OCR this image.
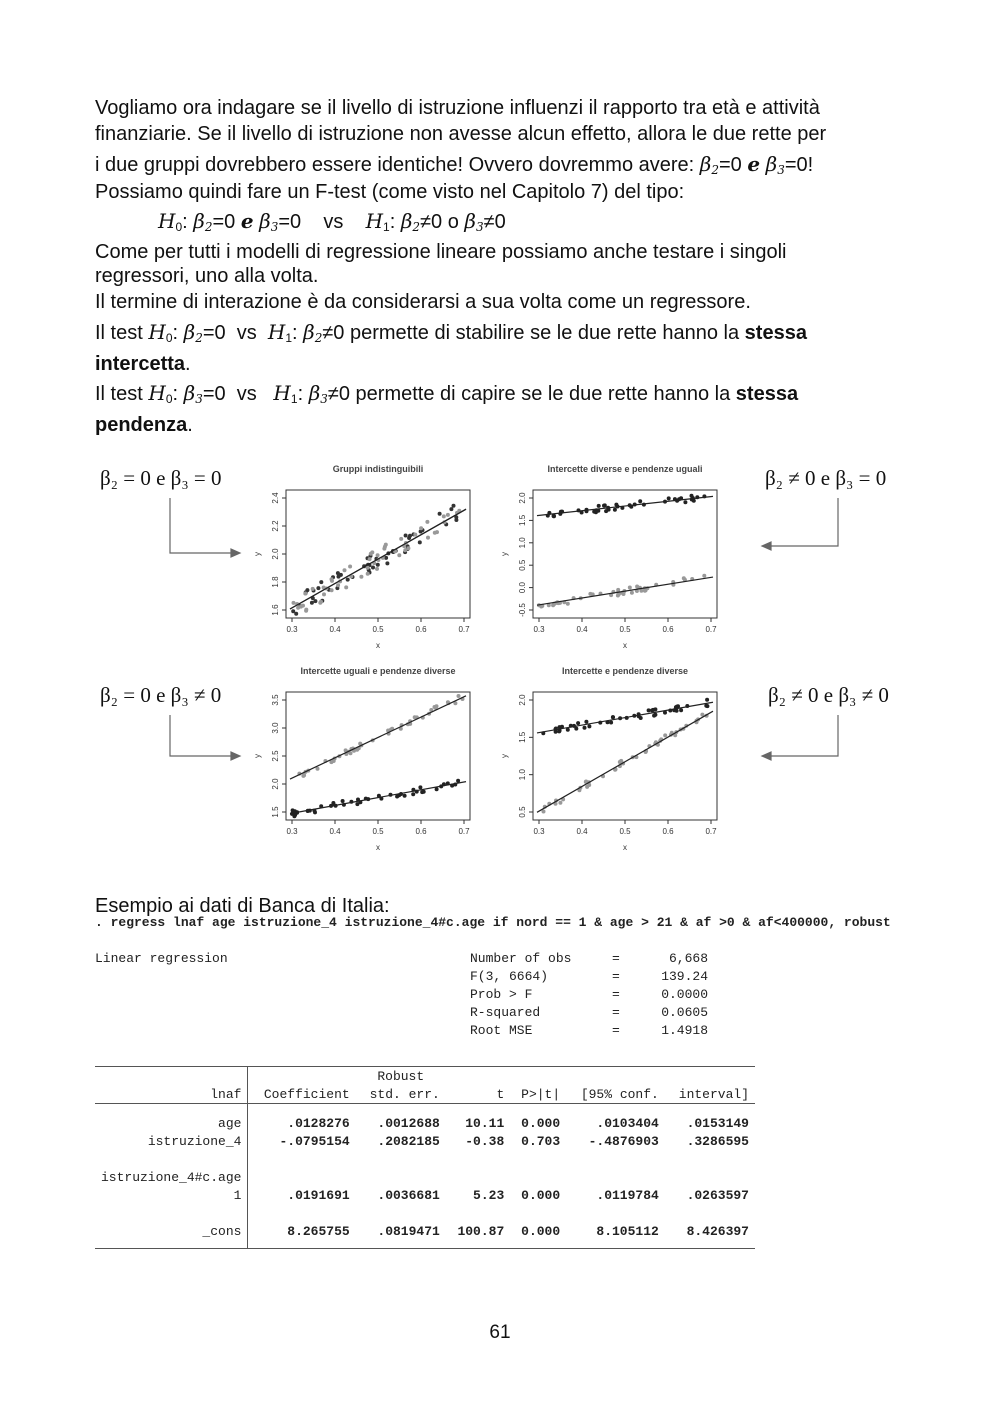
Vogliamo ora indagare se il livello di istruzione influenzi il rapporto tra età e attività
finanziarie. Se il livello di istruzione non avesse alcun effetto, allora le due rette per
i due gruppi dovrebbero essere identiche! Ovvero dovremmo avere: $\beta_2=0$ e $\beta_3=0$!
Possiamo quindi fare un F-test (come visto nel Capitolo 7) del tipo:
$H_0$: $\beta_2=0$ e $\beta_3=0$    vs    $H_1$: $\beta_2\ne 0$ o $\beta_3\ne 0$
Come per tutti i modelli di regressione lineare possiamo anche testare i singoli
regressori, uno alla volta.
Il termine di interazione è da considerarsi a sua volta come un regressore.
Il test $H_0$: $\beta_2=0$  vs  $H_1$: $\beta_2\ne 0$ permette di stabilire se le due rette hanno la stessa
intercetta.
Il test $H_0$: $\beta_3=0$  vs   $H_1$: $\beta_3\ne 0$ permette di capire se le due rette hanno la stessa
pendenza.
β₂ = 0 e β₃ = 0	β₂ ≠ 0 e β₃ = 0
β₂ = 0 e β₃ ≠ 0	β₂ ≠ 0 e β₃ ≠ 0
Gruppi indistinguibili
0.3	0.4	0.5	0.6	0.7
x
1.6
1.8
2.0
2.2
2.4
y
Intercette diverse e pendenze uguali
0.3	0.4	0.5	0.6	0.7
x
-0.5
0.0
0.5
1.0
1.5
2.0
y
Intercette uguali e pendenze diverse
0.3	0.4	0.5	0.6	0.7
x
1.5
2.0
2.5
3.0
3.5
y
Intercette e pendenze diverse
0.3	0.4	0.5	0.6	0.7
x
0.5
1.0
1.5
2.0
y
Esempio ai dati di Banca di Italia:
. regress lnaf age istruzione_4 istruzione_4#c.age if nord == 1 & age > 21 & af >0 & af<400000, robust
Linear regression	Number of obs	=	6,668
F(3, 6664)	=	139.24
Prob > F	=	0.0000
R-squared	=	0.0605
Root MSE	=	1.4918
		Robust				
lnaf	Coefficient	std. err.	t	P>|t|	[95% conf.	interval]

age	.0128276	.0012688	10.11	0.000	.0103404	.0153149
istruzione_4	-.0795154	.2082185	-0.38	0.703	-.4876903	.3286595

istruzione_4#c.age						
1	.0191691	.0036681	5.23	0.000	.0119784	.0263597

_cons	8.265755	.0819471	100.87	0.000	8.105112	8.426397
61
